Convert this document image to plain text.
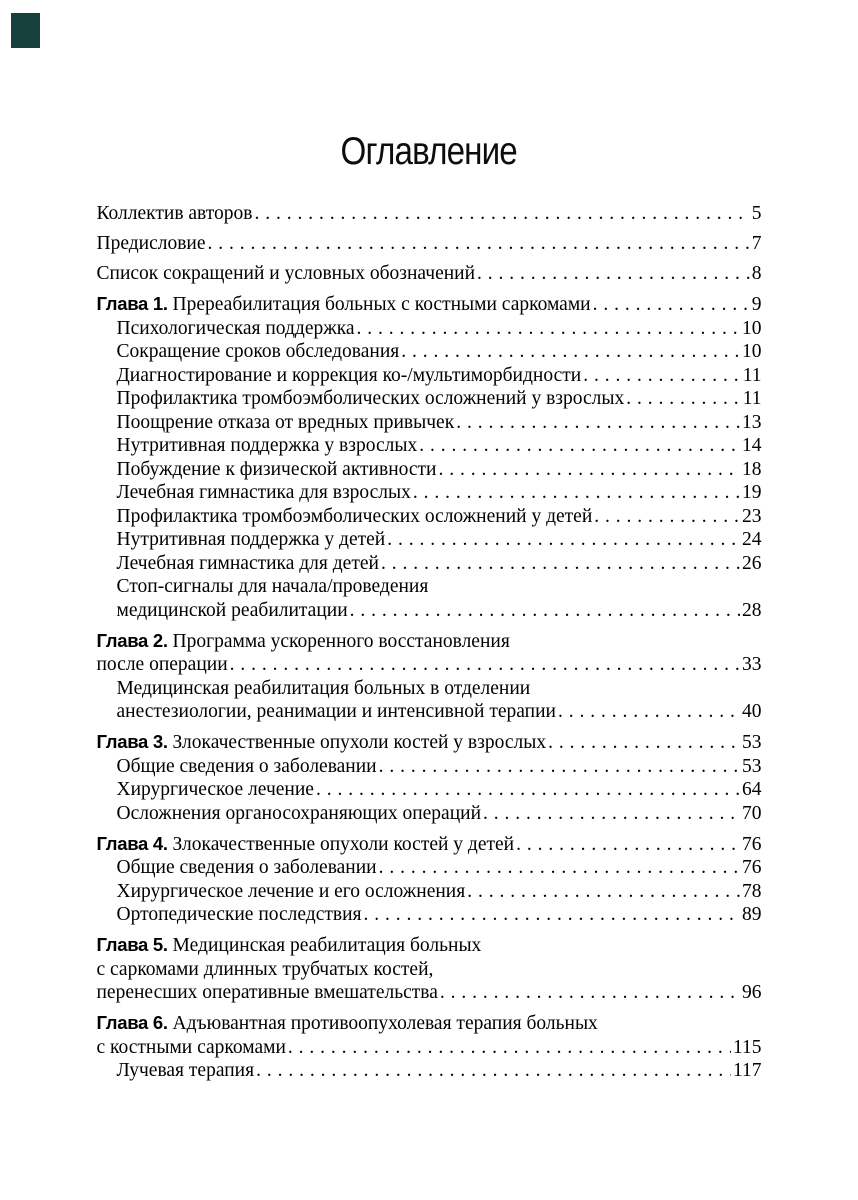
Оглавление
Коллектив авторов . . .	5
Предисловие . . .	7
Список сокращений и условных обозначений . . .	8
Глава 1. Пререабилитация больных с костными саркомами . . .	9
Психологическая поддержка . . .	10
Сокращение сроков обследования . . .	10
Диагностирование и коррекция ко-/мультиморбидности . . .	11
Профилактика тромбоэмболических осложнений у взрослых . . .	11
Поощрение отказа от вредных привычек . . .	13
Нутритивная поддержка у взрослых . . .	14
Побуждение к физической активности . . .	18
Лечебная гимнастика для взрослых . . .	19
Профилактика тромбоэмболических осложнений у детей . . .	23
Нутритивная поддержка у детей . . .	24
Лечебная гимнастика для детей . . .	26
Стоп-сигналы для начала/проведения
медицинской реабилитации . . .	28
Глава 2. Программа ускоренного восстановления
после операции . . .	33
Медицинская реабилитация больных в отделении
анестезиологии, реанимации и интенсивной терапии . . .	40
Глава 3. Злокачественные опухоли костей у взрослых . . .	53
Общие сведения о заболевании . . .	53
Хирургическое лечение . . .	64
Осложнения органосохраняющих операций . . .	70
Глава 4. Злокачественные опухоли костей у детей . . .	76
Общие сведения о заболевании . . .	76
Хирургическое лечение и его осложнения . . .	78
Ортопедические последствия . . .	89
Глава 5. Медицинская реабилитация больных
с саркомами длинных трубчатых костей,
перенесших оперативные вмешательства . . .	96
Глава 6. Адъювантная противоопухолевая терапия больных
с костными саркомами . . .	115
Лучевая терапия . . .	117
